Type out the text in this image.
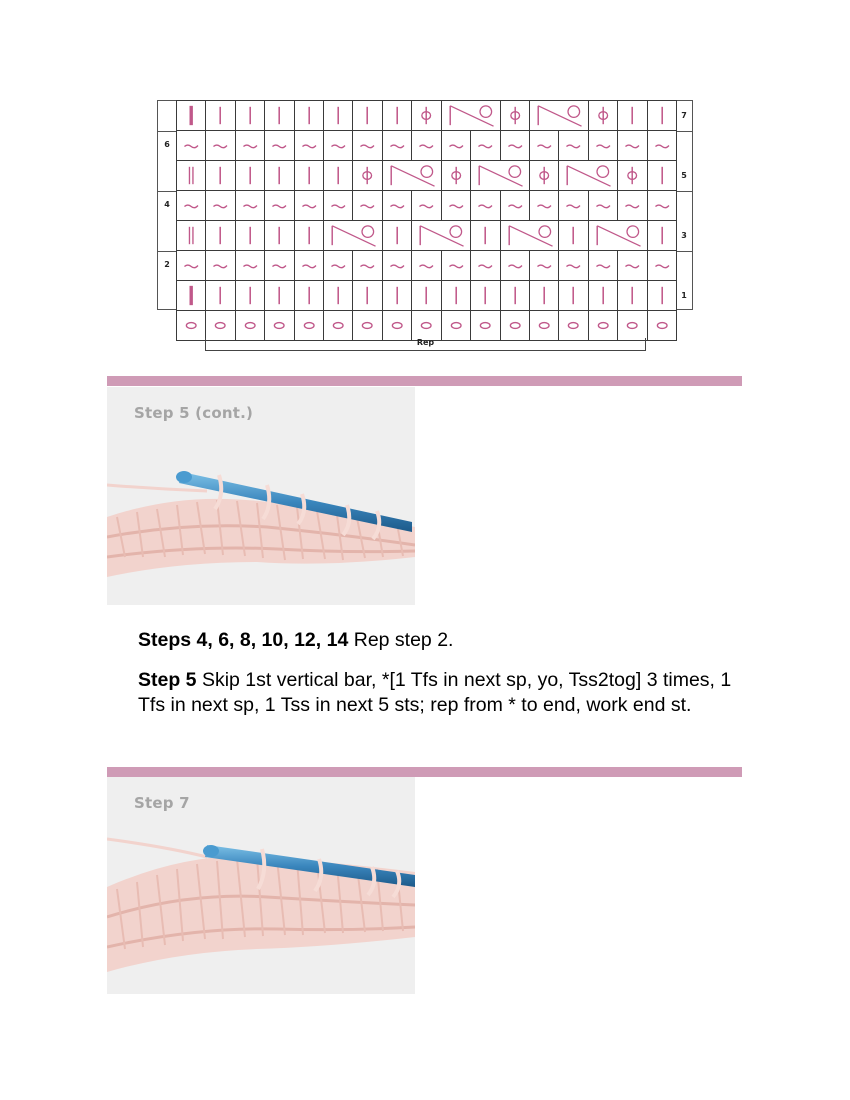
6
4
2
7
5
3
1
Rep
Step 5 (cont.)
Steps 4, 6, 8, 10, 12, 14 Rep step 2.
Step 5 Skip 1st vertical bar, *[1 Tfs in next sp, yo, Tss2tog] 3 times, 1 Tfs in next sp, 1 Tss in next 5 sts; rep from * to end, work end st.
Step 7
